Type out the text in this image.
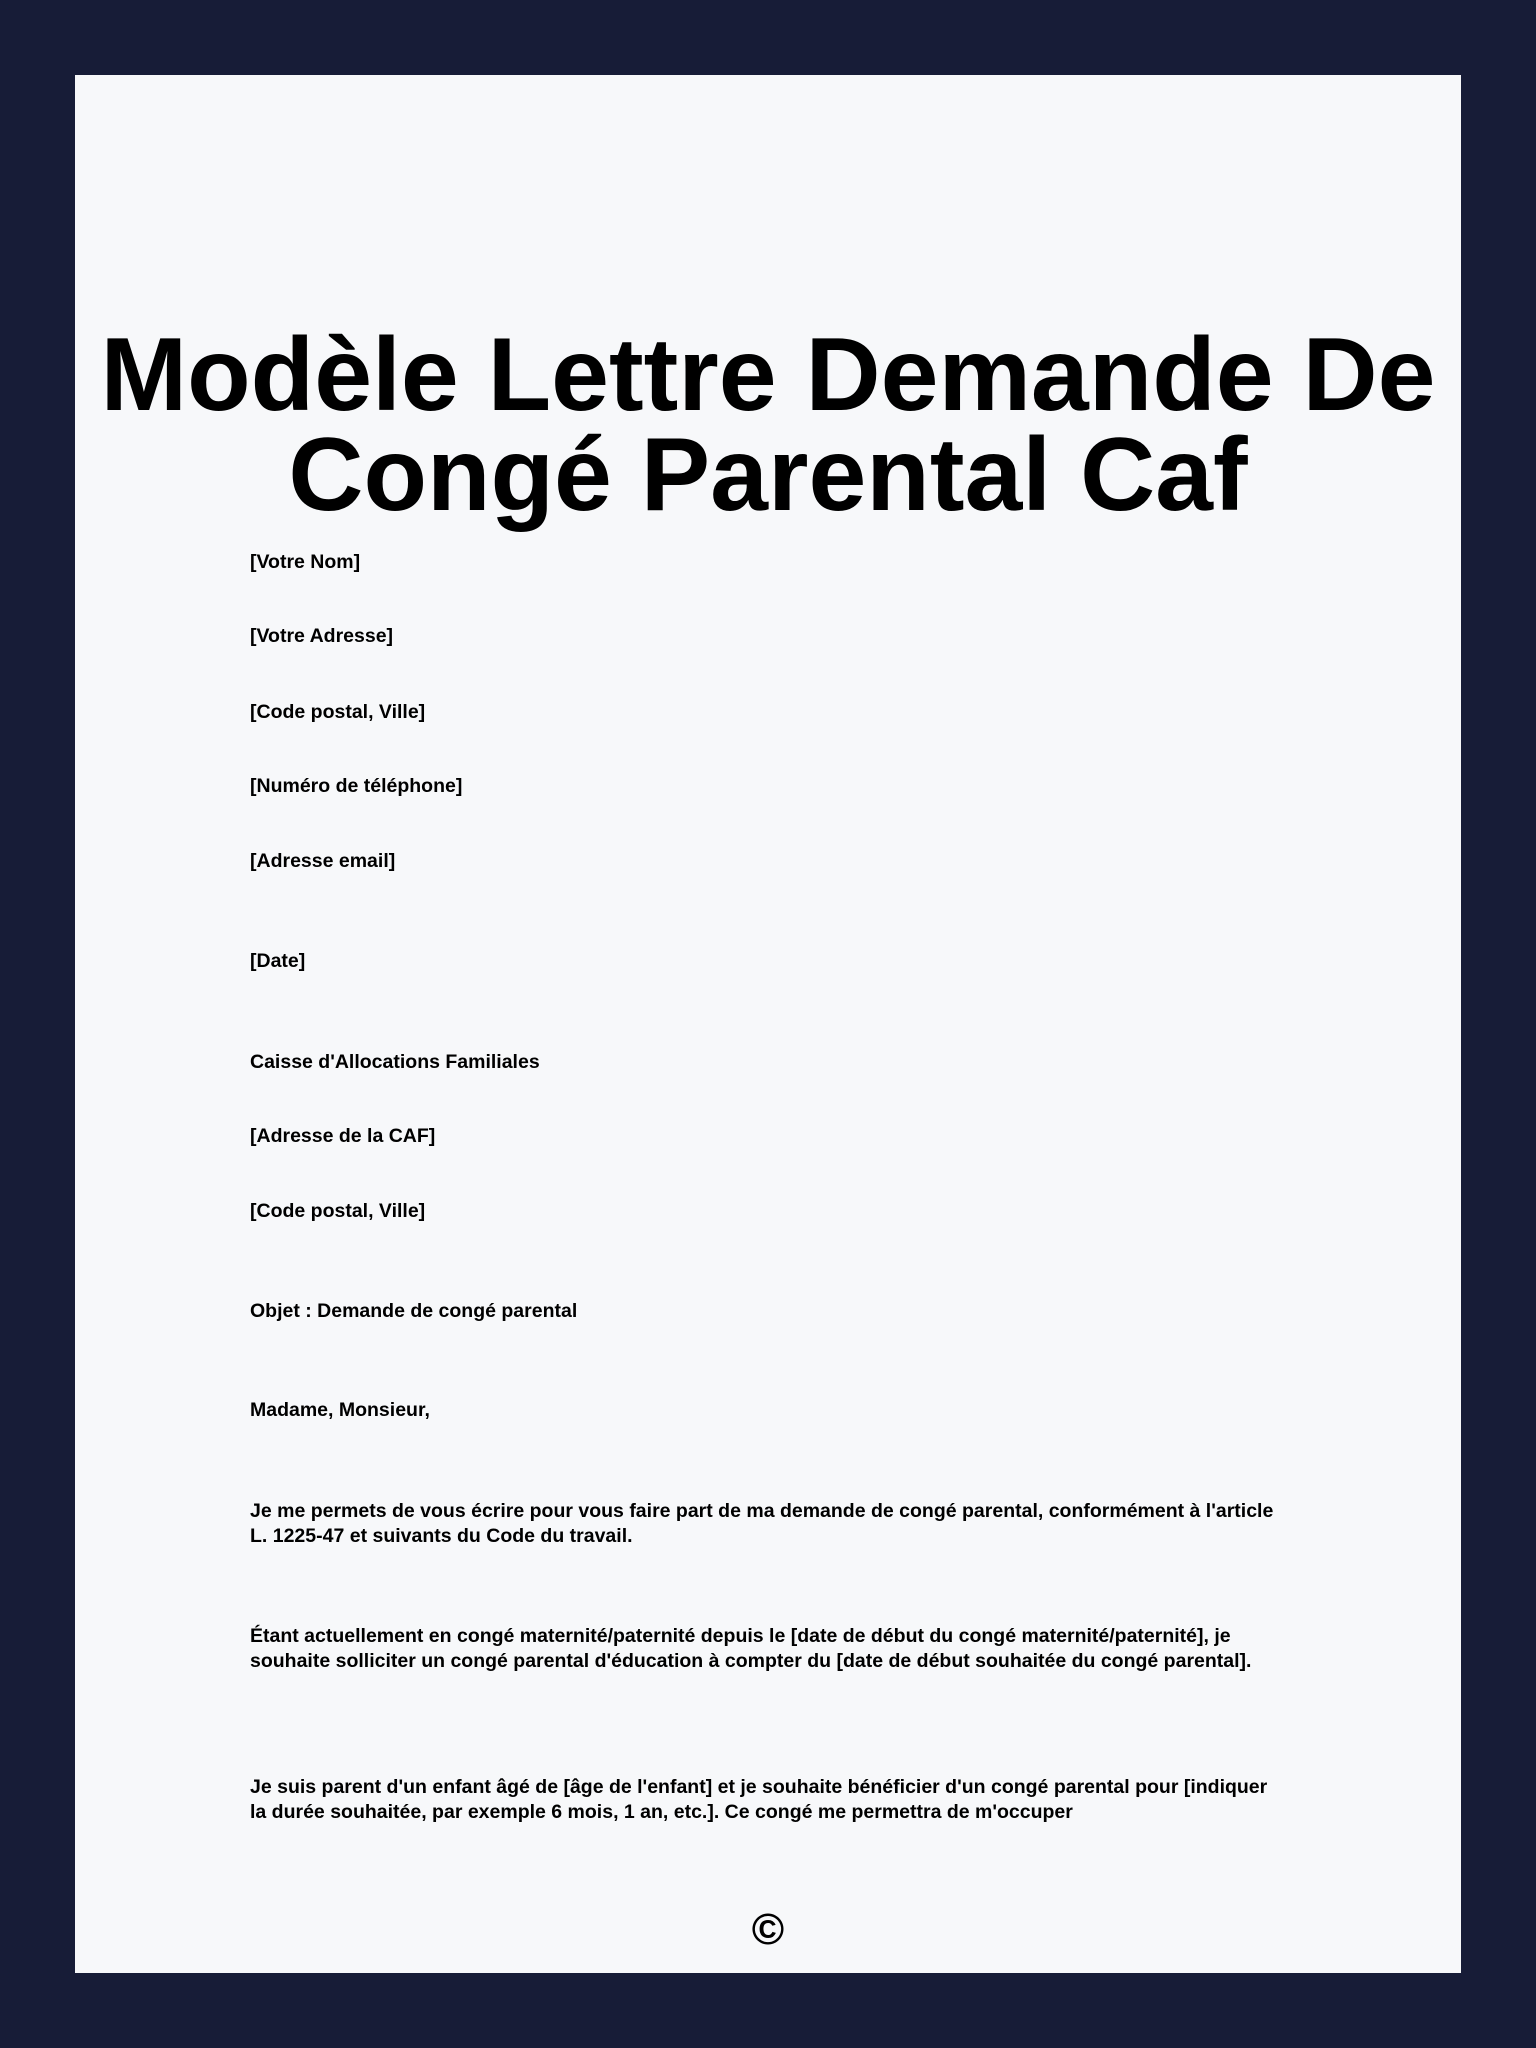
Modèle Lettre Demande De Congé Parental Caf

[Votre Nom]

[Votre Adresse]

[Code postal, Ville]

[Numéro de téléphone]

[Adresse email]

[Date]

Caisse d'Allocations Familiales

[Adresse de la CAF]

[Code postal, Ville]

Objet : Demande de congé parental

Madame, Monsieur,

Je me permets de vous écrire pour vous faire part de ma demande de congé parental, conformément à l'article L. 1225-47 et suivants du Code du travail.

Étant actuellement en congé maternité/paternité depuis le [date de début du congé maternité/paternité], je souhaite solliciter un congé parental d'éducation à compter du [date de début souhaitée du congé parental].

Je suis parent d'un enfant âgé de [âge de l'enfant] et je souhaite bénéficier d'un congé parental pour [indiquer la durée souhaitée, par exemple 6 mois, 1 an, etc.]. Ce congé me permettra de m'occuper

©
